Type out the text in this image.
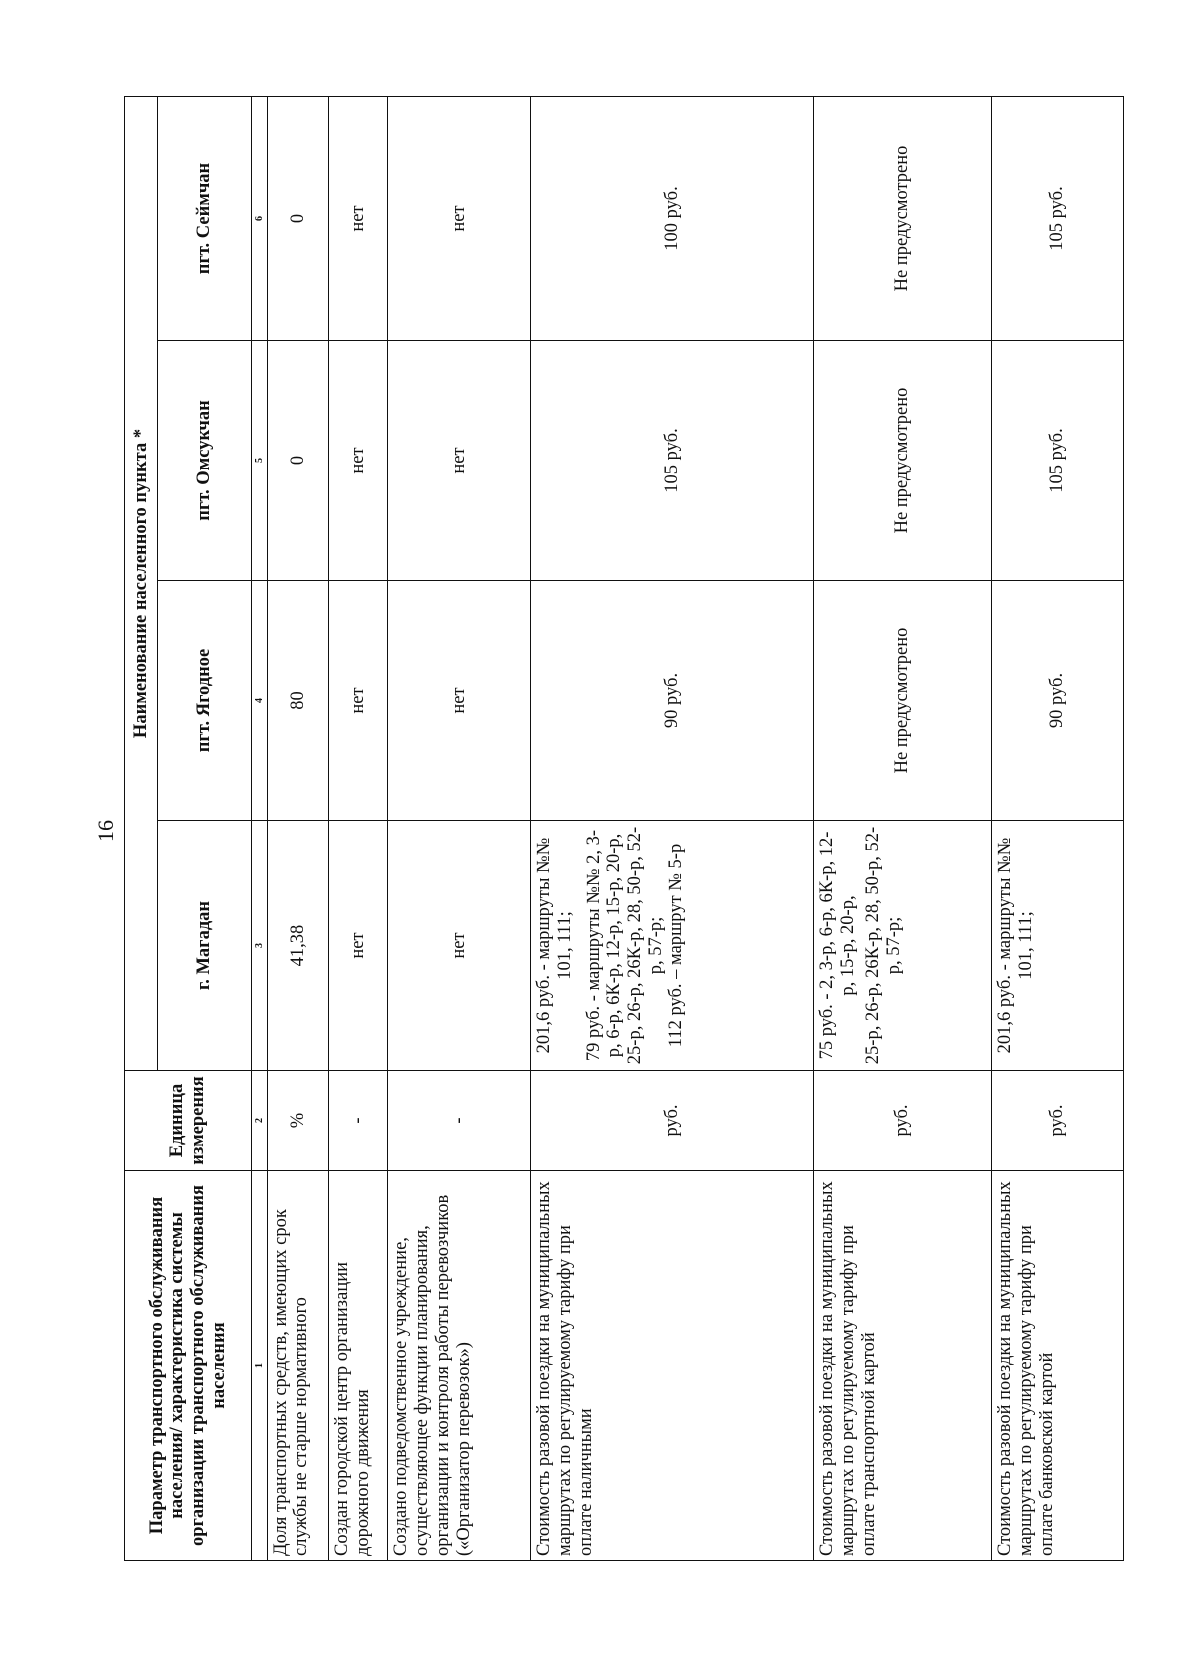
16
Параметр транспортного обслуживания населения/ характеристика системы организации транспортного обслуживания населения	Единица измерения	Наименование населенного пункта *			
		г. Магадан	пгт. Ягодное	пгт. Омсукчан	пгт. Сеймчан
1	2	3	4	5	6
Доля транспортных средств, имеющих срок службы не старше нормативного	%	41,38	80	0	0
Создан городской центр организации дорожного движения	-	нет	нет	нет	нет
Создано подведомственное учреждение, осуществляющее функции планирования, организации и контроля работы перевозчиков («Организатор перевозок»)	-	нет	нет	нет	нет
Стоимость разовой поездки на муниципальных маршрутах по регулируемому тарифу при оплате наличными	руб.	201,6 руб. - маршруты №№ 101, 111; 79 руб. - маршруты №№ 2, 3-р, 6-р, 6К-р, 12-р, 15-р, 20-р, 25-р, 26-р, 26К-р, 28, 50-р, 52-р, 57-р; 112 руб. – маршрут № 5-р	90 руб.	105 руб.	100 руб.
Стоимость разовой поездки на муниципальных маршрутах по регулируемому тарифу при оплате транспортной картой	руб.	75 руб. - 2, 3-р, 6-р, 6К-р, 12-р, 15-р, 20-р, 25-р, 26-р, 26К-р, 28, 50-р, 52-р, 57-р;	Не предусмотрено	Не предусмотрено	Не предусмотрено
Стоимость разовой поездки на муниципальных маршрутах по регулируемому тарифу при оплате банковской картой	руб.	201,6 руб. - маршруты №№ 101, 111;	90 руб.	105 руб.	105 руб.
